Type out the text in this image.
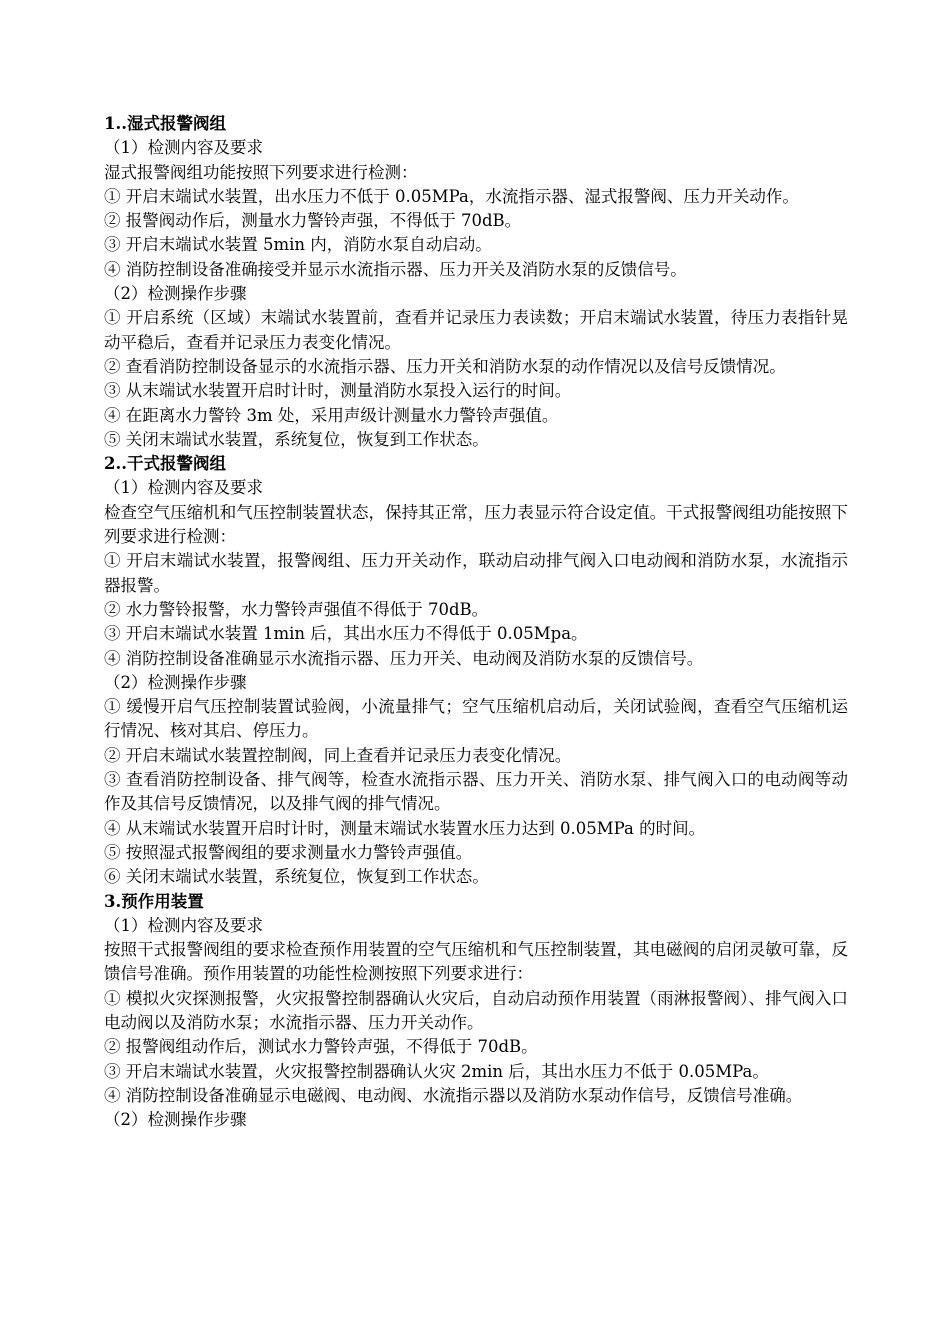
1..湿式报警阀组
（1）检测内容及要求
湿式报警阀组功能按照下列要求进行检测：
① 开启末端试水装置，出水压力不低于 0.05MPa，水流指示器、湿式报警阀、压力开关动作。
② 报警阀动作后，测量水力警铃声强，不得低于 70dB。
③ 开启末端试水装置 5min 内，消防水泵自动启动。
④ 消防控制设备准确接受并显示水流指示器、压力开关及消防水泵的反馈信号。
（2）检测操作步骤
① 开启系统（区域）末端试水装置前，查看并记录压力表读数；开启末端试水装置，待压力表指针晃动平稳后，查看并记录压力表变化情况。
② 查看消防控制设备显示的水流指示器、压力开关和消防水泵的动作情况以及信号反馈情况。
③ 从末端试水装置开启时计时，测量消防水泵投入运行的时间。
④ 在距离水力警铃 3m 处，采用声级计测量水力警铃声强值。
⑤ 关闭末端试水装置，系统复位，恢复到工作状态。
2..干式报警阀组
（1）检测内容及要求
检查空气压缩机和气压控制装置状态，保持其正常，压力表显示符合设定值。干式报警阀组功能按照下列要求进行检测：
① 开启末端试水装置，报警阀组、压力开关动作，联动启动排气阀入口电动阀和消防水泵，水流指示器报警。
② 水力警铃报警，水力警铃声强值不得低于 70dB。
③ 开启末端试水装置 1min 后，其出水压力不得低于 0.05Mpa。
④ 消防控制设备准确显示水流指示器、压力开关、电动阀及消防水泵的反馈信号。
（2）检测操作步骤
① 缓慢开启气压控制装置试验阀，小流量排气；空气压缩机启动后，关闭试验阀，查看空气压缩机运行情况、核对其启、停压力。
② 开启末端试水装置控制阀，同上查看并记录压力表变化情况。
③ 查看消防控制设备、排气阀等，检查水流指示器、压力开关、消防水泵、排气阀入口的电动阀等动作及其信号反馈情况，以及排气阀的排气情况。
④ 从末端试水装置开启时计时，测量末端试水装置水压力达到 0.05MPa 的时间。
⑤ 按照湿式报警阀组的要求测量水力警铃声强值。
⑥ 关闭末端试水装置，系统复位，恢复到工作状态。
3.预作用装置
（1）检测内容及要求
按照干式报警阀组的要求检查预作用装置的空气压缩机和气压控制装置，其电磁阀的启闭灵敏可靠，反馈信号准确。预作用装置的功能性检测按照下列要求进行：
① 模拟火灾探测报警，火灾报警控制器确认火灾后，自动启动预作用装置（雨淋报警阀）、排气阀入口电动阀以及消防水泵；水流指示器、压力开关动作。
② 报警阀组动作后，测试水力警铃声强，不得低于 70dB。
③ 开启末端试水装置，火灾报警控制器确认火灾 2min 后，其出水压力不低于 0.05MPa。
④ 消防控制设备准确显示电磁阀、电动阀、水流指示器以及消防水泵动作信号，反馈信号准确。
（2）检测操作步骤
